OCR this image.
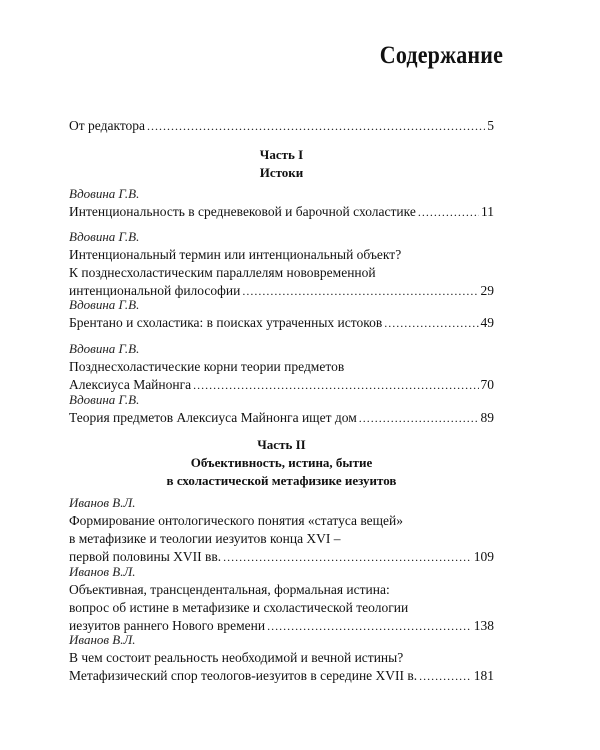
Содержание
От редактора .....	5
Часть I
Истоки
Вдовина Г.В.
Интенциональность в средневековой и барочной схоластике .....	11
Вдовина Г.В.
Интенциональный термин или интенциональный объект?
К позднесхоластическим параллелям нововременной
интенциональной философии .....	29
Вдовина Г.В.
Брентано и схоластика: в поисках утраченных истоков .....	49
Вдовина Г.В.
Позднесхоластические корни теории предметов
Алексиуса Майнонга .....	70
Вдовина Г.В.
Теория предметов Алексиуса Майнонга ищет дом .....	89
Часть II
Объективность, истина, бытие
в схоластической метафизике иезуитов
Иванов В.Л.
Формирование онтологического понятия «статуса вещей»
в метафизике и теологии иезуитов конца XVI –
первой половины XVII вв. .....	109
Иванов В.Л.
Объективная, трансцендентальная, формальная истина:
вопрос об истине в метафизике и схоластической теологии
иезуитов раннего Нового времени .....	138
Иванов В.Л.
В чем состоит реальность необходимой и вечной истины?
Метафизический спор теологов-иезуитов в середине XVII в. .....	181
